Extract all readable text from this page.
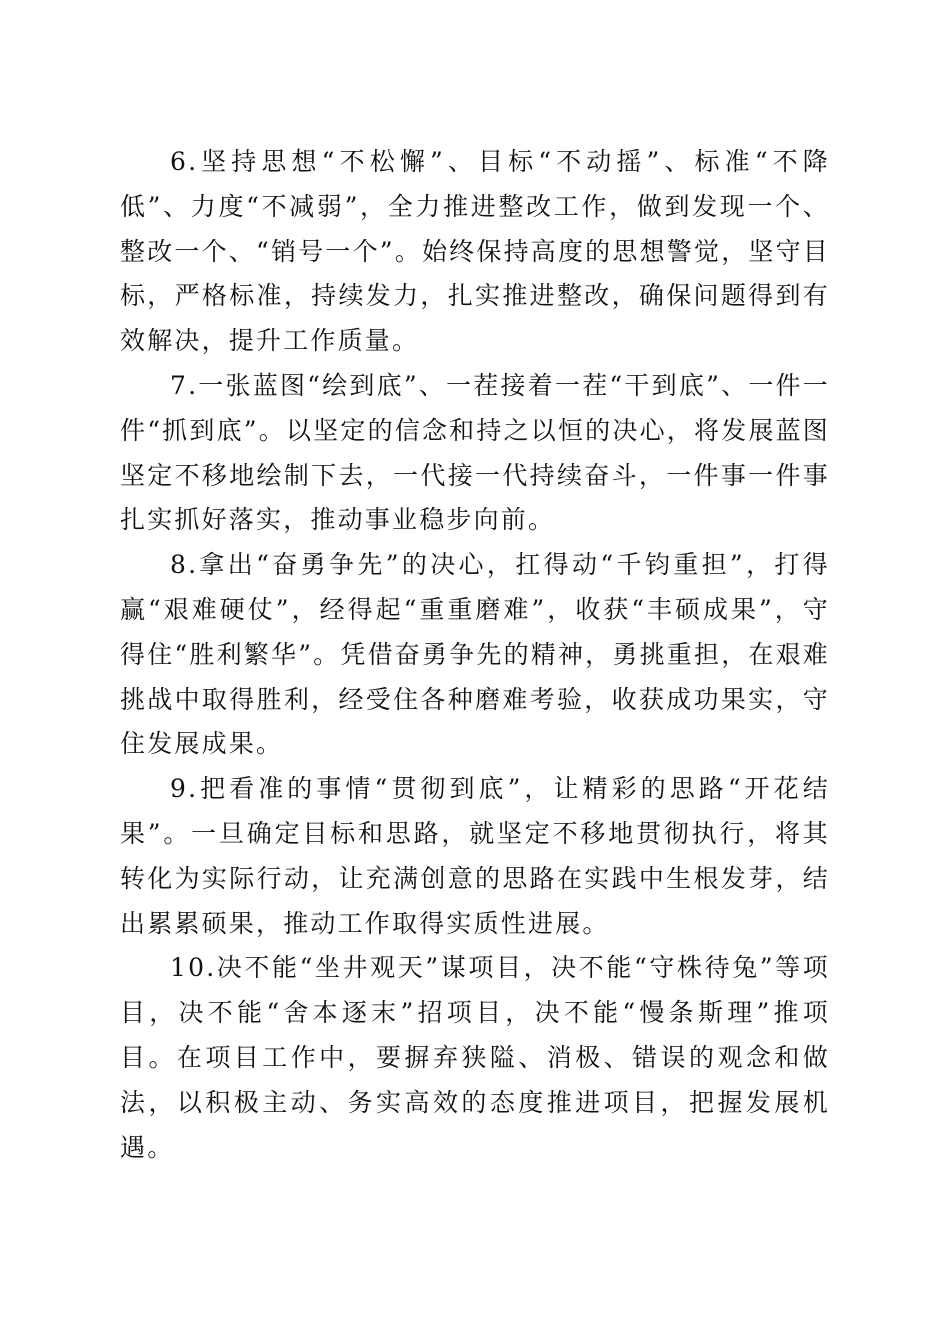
6.坚持思想“不松懈”、目标“不动摇”、标准“不降低”、力度“不减弱”，全力推进整改工作，做到发现一个、整改一个、“销号一个”。始终保持高度的思想警觉，坚守目标，严格标准，持续发力，扎实推进整改，确保问题得到有效解决，提升工作质量。

7.一张蓝图“绘到底”、一茬接着一茬“干到底”、一件一件“抓到底”。以坚定的信念和持之以恒的决心，将发展蓝图坚定不移地绘制下去，一代接一代持续奋斗，一件事一件事扎实抓好落实，推动事业稳步向前。

8.拿出“奋勇争先”的决心，扛得动“千钧重担”，打得赢“艰难硬仗”，经得起“重重磨难”，收获“丰硕成果”，守得住“胜利繁华”。凭借奋勇争先的精神，勇挑重担，在艰难挑战中取得胜利，经受住各种磨难考验，收获成功果实，守住发展成果。

9.把看准的事情“贯彻到底”，让精彩的思路“开花结果”。一旦确定目标和思路，就坚定不移地贯彻执行，将其转化为实际行动，让充满创意的思路在实践中生根发芽，结出累累硕果，推动工作取得实质性进展。

10.决不能“坐井观天”谋项目，决不能“守株待兔”等项目，决不能“舍本逐末”招项目，决不能“慢条斯理”推项目。在项目工作中，要摒弃狭隘、消极、错误的观念和做法，以积极主动、务实高效的态度推进项目，把握发展机遇。
